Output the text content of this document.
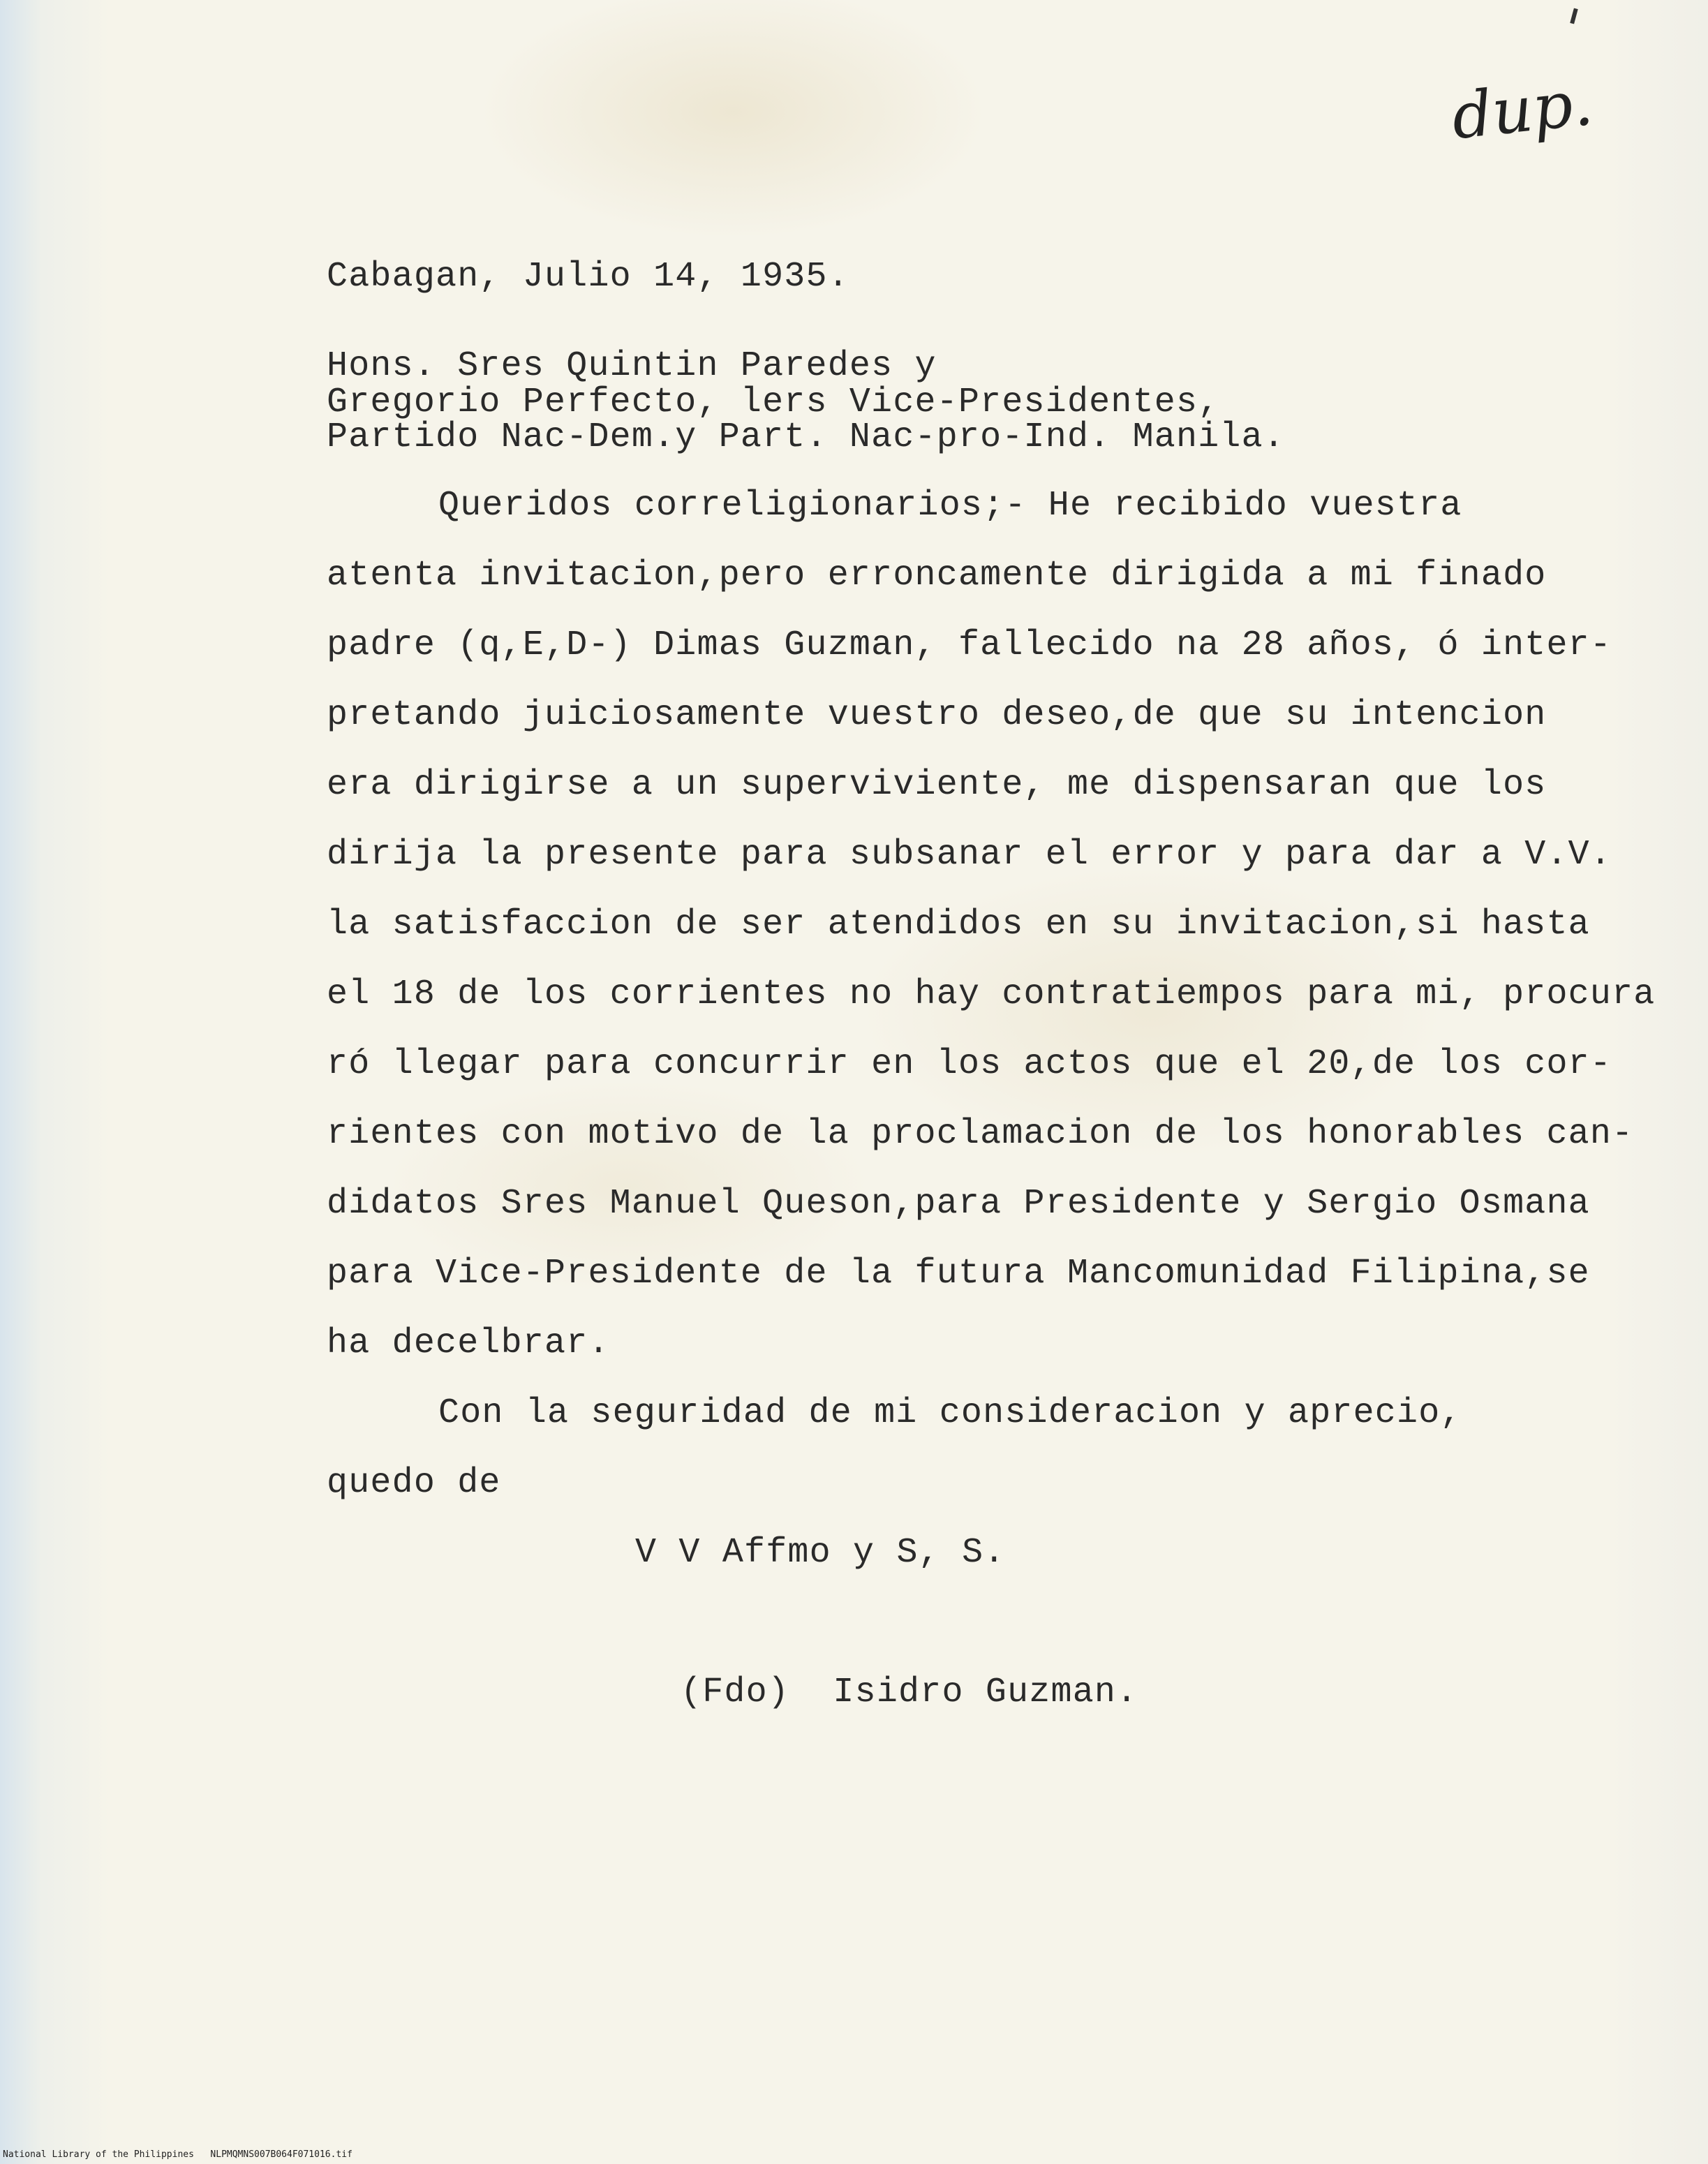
dup.
Cabagan, Julio 14, 1935.
Hons. Sres Quintin Paredes y
Gregorio Perfecto, lers Vice-Presidentes,
Partido Nac-Dem.y Part. Nac-pro-Ind. Manila.
Queridos correligionarios;- He recibido vuestra
atenta invitacion,pero erroncamente dirigida a mi finado
padre (q,E,D-) Dimas Guzman, fallecido na 28 años, ó inter-
pretando juiciosamente vuestro deseo,de que su intencion
era dirigirse a un superviviente, me dispensaran que los
dirija la presente para subsanar el error y para dar a V.V.
la satisfaccion de ser atendidos en su invitacion,si hasta
el 18 de los corrientes no hay contratiempos para mi, procura
ró llegar para concurrir en los actos que el 20,de los cor-
rientes con motivo de la proclamacion de los honorables can-
didatos Sres Manuel Queson,para Presidente y Sergio Osmana
para Vice-Presidente de la futura Mancomunidad Filipina,se
ha decelbrar.
Con la seguridad de mi consideracion y aprecio,
quedo de
V V Affmo y S, S.
(Fdo)  Isidro Guzman.
National Library of the Philippines NLPMQMNS007B064F071016.tif
